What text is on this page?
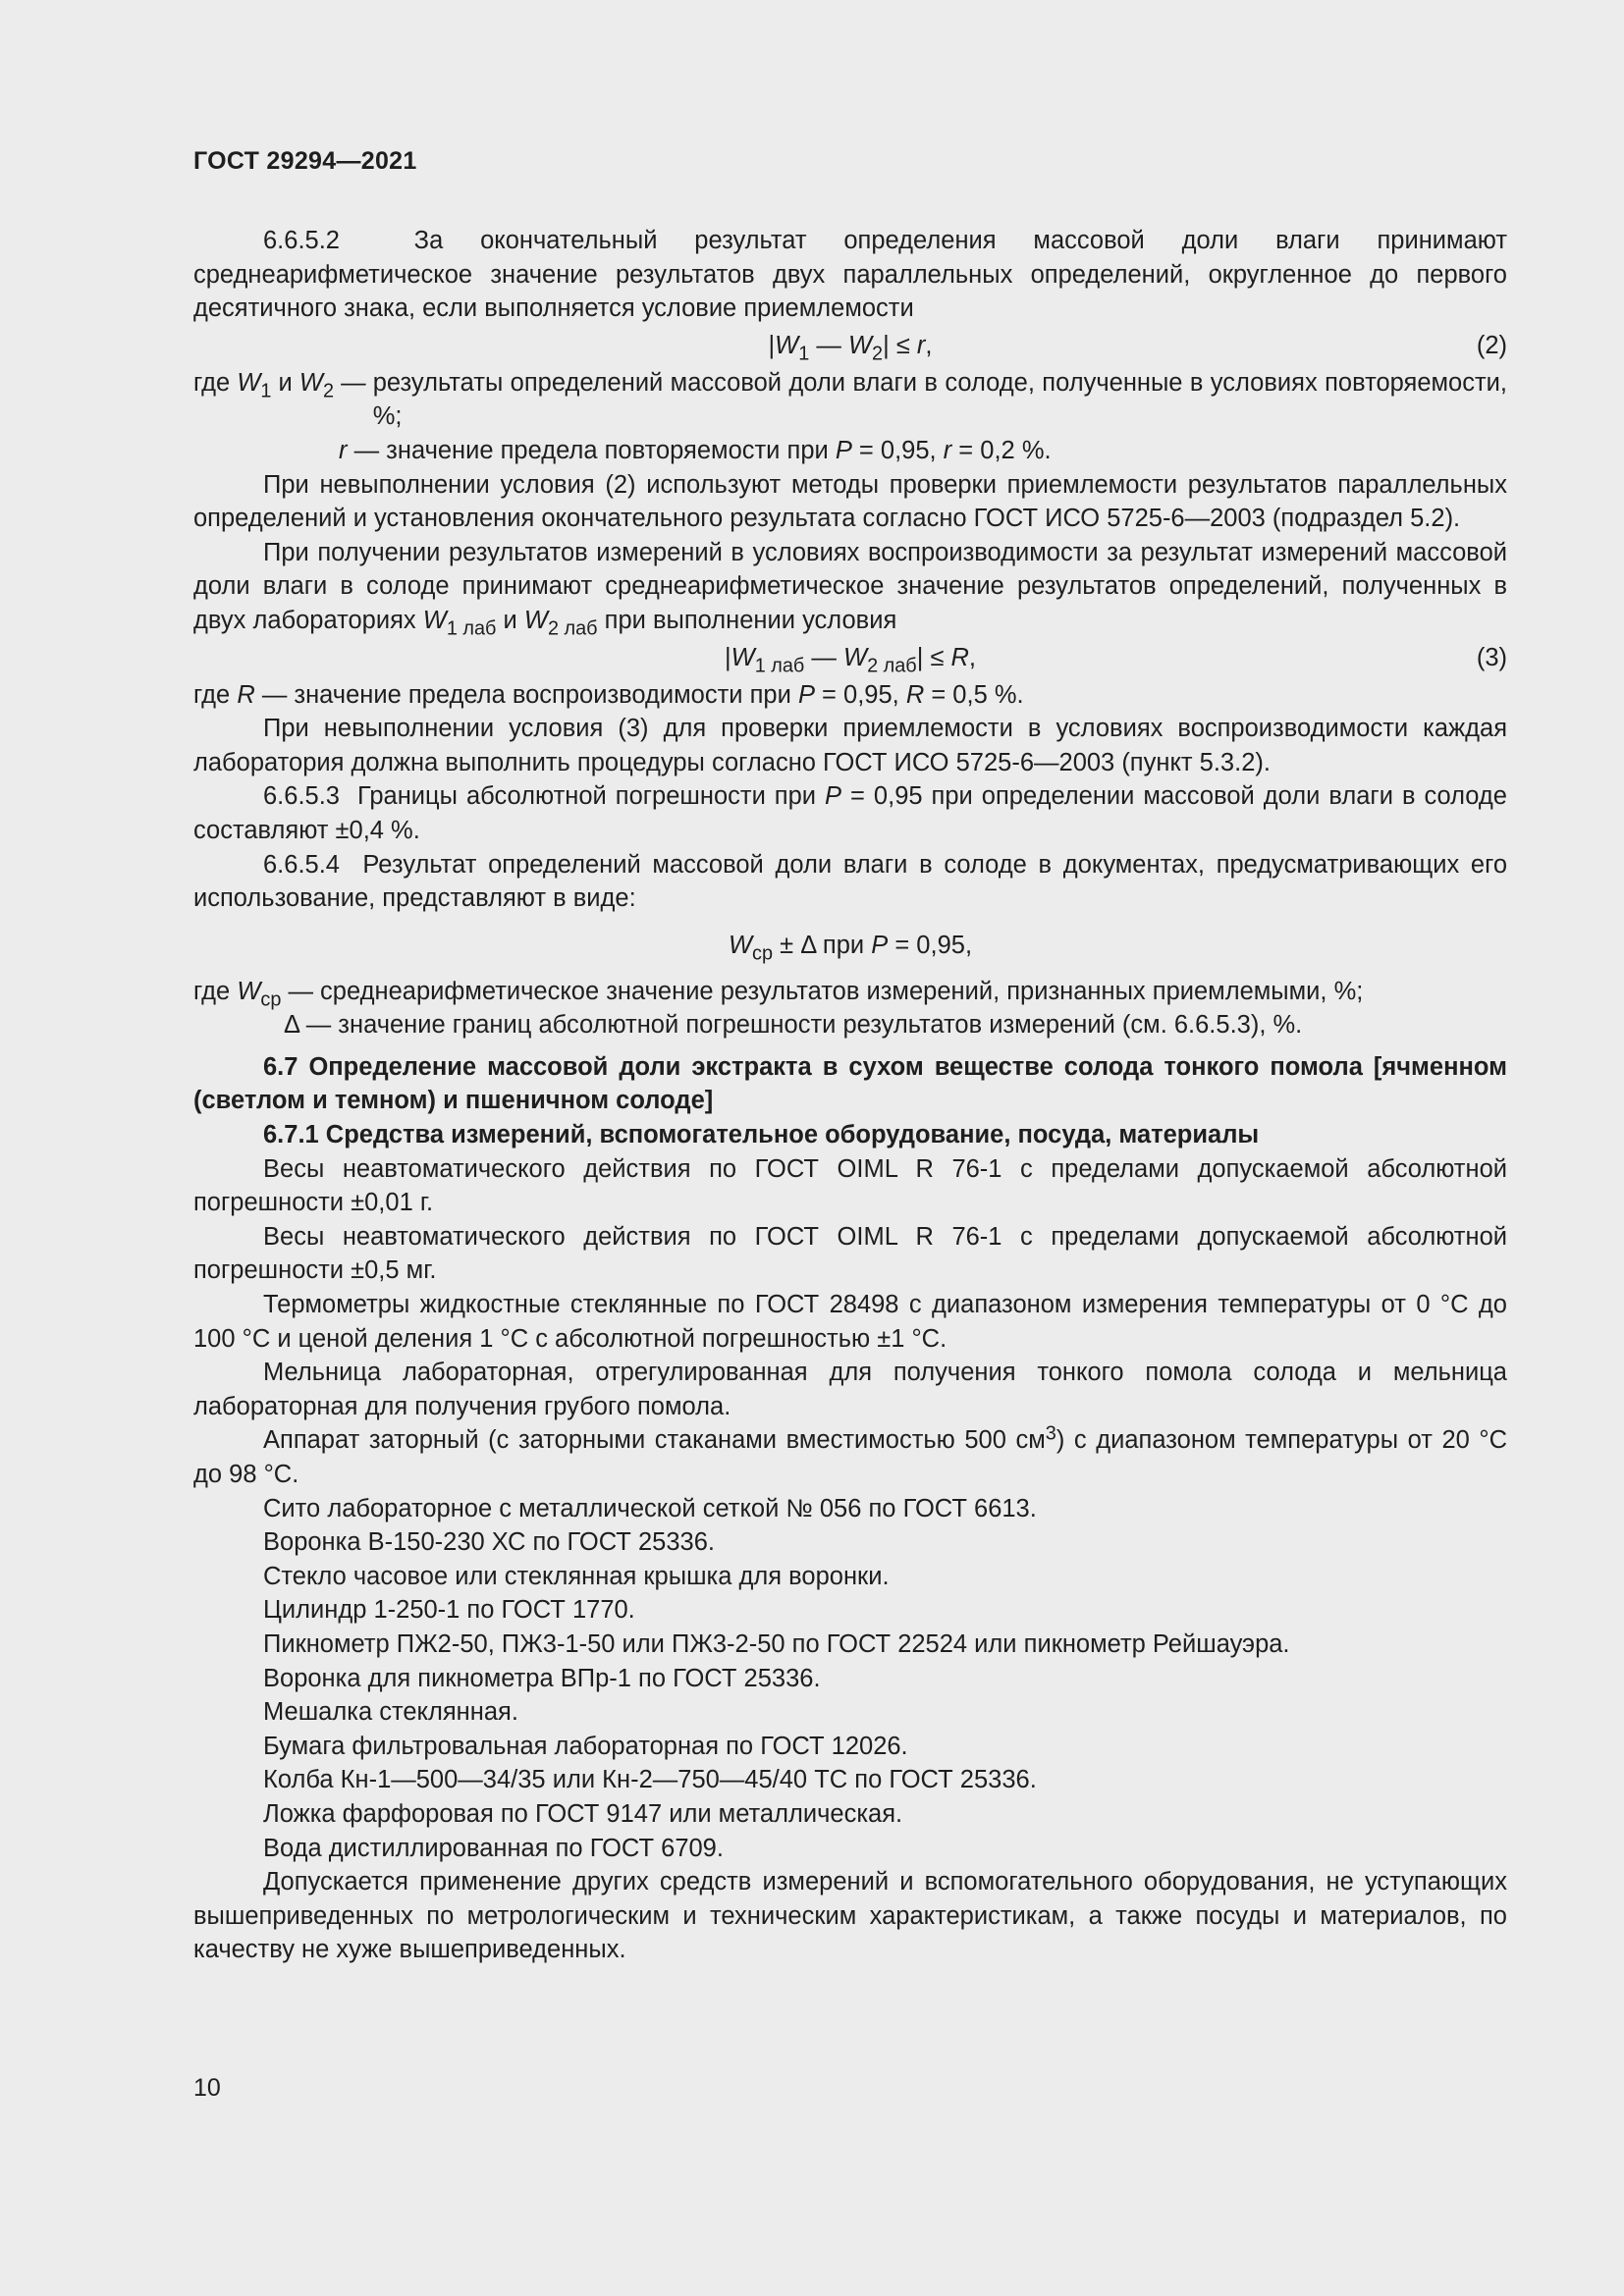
ГОСТ 29294—2021

6.6.5.2	За окончательный результат определения массовой доли влаги принимают среднеарифметическое значение результатов двух параллельных определений, округленное до первого десятичного знака, если выполняется условие приемлемости

$|W_1$ — $W_2| \le r$,	(2)
где $W_1$ и $W_2$ — результаты определений массовой доли влаги в солоде, полученные в условиях повторяемости, %;
r — значение предела повторяемости при P = 0,95, r = 0,2 %.

При невыполнении условия (2) используют методы проверки приемлемости результатов параллельных определений и установления окончательного результата согласно ГОСТ ИСО 5725-6—2003 (подраздел 5.2).

При получении результатов измерений в условиях воспроизводимости за результат измерений массовой доли влаги в солоде принимают среднеарифметическое значение результатов определений, полученных в двух лабораториях $W_{1 лаб}$ и $W_{2 лаб}$ при выполнении условия

$|W_{1 лаб}$ — $W_{2 лаб}| \le R$,	(3)
где R — значение предела воспроизводимости при P = 0,95, R = 0,5 %.

При невыполнении условия (3) для проверки приемлемости в условиях воспроизводимости каждая лаборатория должна выполнить процедуры согласно ГОСТ ИСО 5725-6—2003 (пункт 5.3.2).

6.6.5.3 Границы абсолютной погрешности при P = 0,95 при определении массовой доли влаги в солоде составляют ±0,4 %.

6.6.5.4 Результат определений массовой доли влаги в солоде в документах, предусматривающих его использование, представляют в виде:

$W_{ср} \pm \Delta$ при P = 0,95,
где $W_{ср}$ — среднеарифметическое значение результатов измерений, признанных приемлемыми, %;
Δ — значение границ абсолютной погрешности результатов измерений (см. 6.6.5.3), %.

6.7 Определение массовой доли экстракта в сухом веществе солода тонкого помола [ячменном (светлом и темном) и пшеничном солоде]

6.7.1 Средства измерений, вспомогательное оборудование, посуда, материалы

Весы неавтоматического действия по ГОСТ OIML R 76-1 с пределами допускаемой абсолютной погрешности ±0,01 г.

Весы неавтоматического действия по ГОСТ OIML R 76-1 с пределами допускаемой абсолютной погрешности ±0,5 мг.

Термометры жидкостные стеклянные по ГОСТ 28498 с диапазоном измерения температуры от 0 °С до 100 °С и ценой деления 1 °С с абсолютной погрешностью ±1 °С.

Мельница лабораторная, отрегулированная для получения тонкого помола солода и мельница лабораторная для получения грубого помола.

Аппарат заторный (с заторными стаканами вместимостью 500 $см^3$) с диапазоном температуры от 20 °С до 98 °С.

Сито лабораторное с металлической сеткой № 056 по ГОСТ 6613.

Воронка В-150-230 ХС по ГОСТ 25336.

Стекло часовое или стеклянная крышка для воронки.

Цилиндр 1-250-1 по ГОСТ 1770.

Пикнометр ПЖ2-50, ПЖ3-1-50 или ПЖ3-2-50 по ГОСТ 22524 или пикнометр Рейшауэра.

Воронка для пикнометра ВПр-1 по ГОСТ 25336.

Мешалка стеклянная.

Бумага фильтровальная лабораторная по ГОСТ 12026.

Колба Кн-1—500—34/35 или Кн-2—750—45/40 ТС по ГОСТ 25336.

Ложка фарфоровая по ГОСТ 9147 или металлическая.

Вода дистиллированная по ГОСТ 6709.

Допускается применение других средств измерений и вспомогательного оборудования, не уступающих вышеприведенных по метрологическим и техническим характеристикам, а также посуды и материалов, по качеству не хуже вышеприведенных.

10
